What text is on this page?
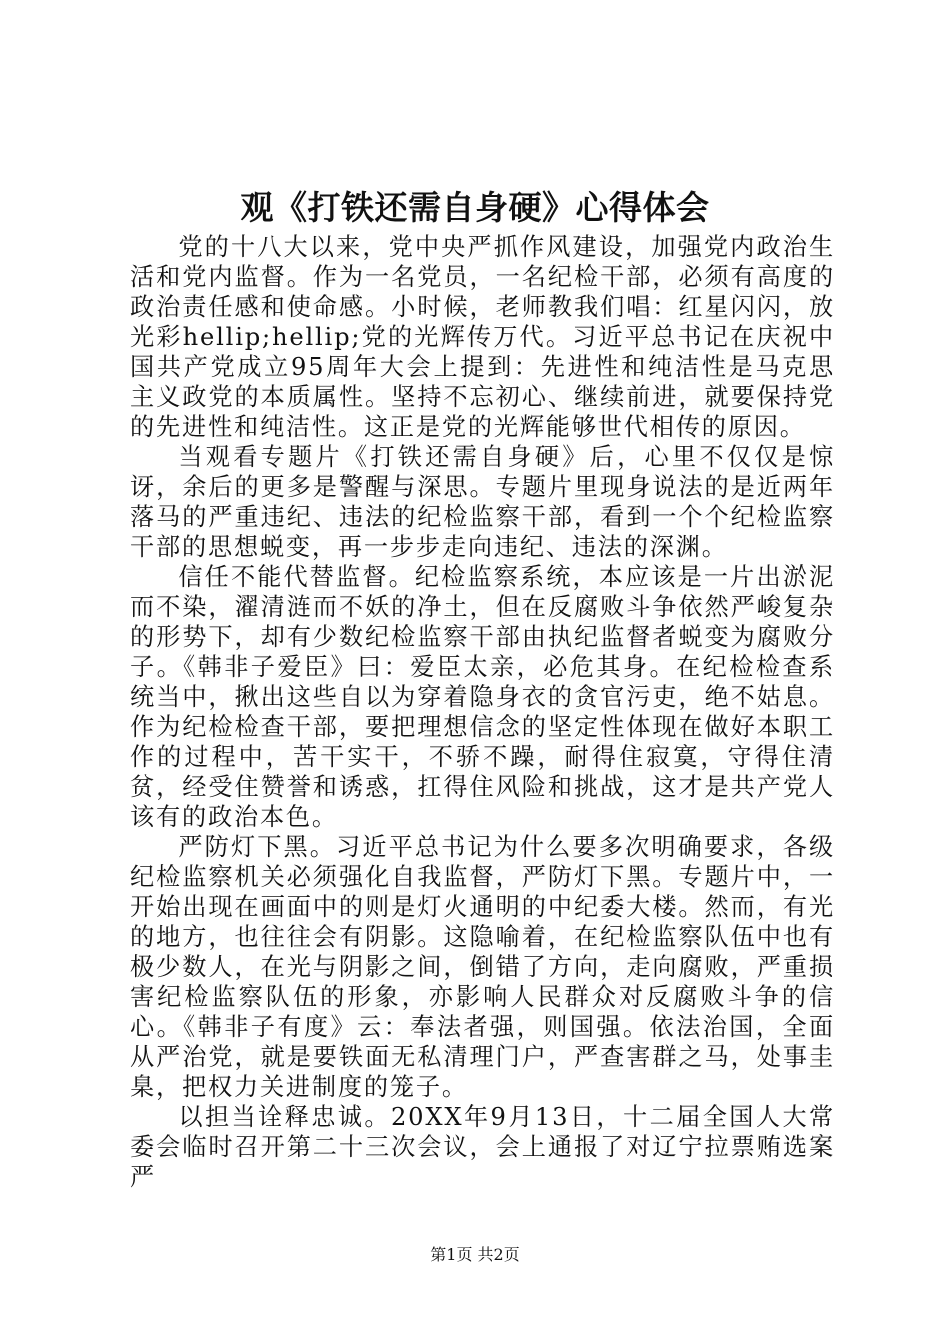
观《打铁还需自身硬》心得体会

党的十八大以来，党中央严抓作风建设，加强党内政治生活和党内监督。作为一名党员，一名纪检干部，必须有高度的政治责任感和使命感。小时候，老师教我们唱：红星闪闪，放光彩hellip;hellip;党的光辉传万代。习近平总书记在庆祝中国共产党成立95周年大会上提到：先进性和纯洁性是马克思主义政党的本质属性。坚持不忘初心、继续前进，就要保持党的先进性和纯洁性。这正是党的光辉能够世代相传的原因。

当观看专题片《打铁还需自身硬》后，心里不仅仅是惊讶，余后的更多是警醒与深思。专题片里现身说法的是近两年落马的严重违纪、违法的纪检监察干部，看到一个个纪检监察干部的思想蜕变，再一步步走向违纪、违法的深渊。

信任不能代替监督。纪检监察系统，本应该是一片出淤泥而不染，濯清涟而不妖的净土，但在反腐败斗争依然严峻复杂的形势下，却有少数纪检监察干部由执纪监督者蜕变为腐败分子。《韩非子爱臣》曰：爱臣太亲，必危其身。在纪检检查系统当中，揪出这些自以为穿着隐身衣的贪官污吏，绝不姑息。作为纪检检查干部，要把理想信念的坚定性体现在做好本职工作的过程中，苦干实干，不骄不躁，耐得住寂寞，守得住清贫，经受住赞誉和诱惑，扛得住风险和挑战，这才是共产党人该有的政治本色。

严防灯下黑。习近平总书记为什么要多次明确要求，各级纪检监察机关必须强化自我监督，严防灯下黑。专题片中，一开始出现在画面中的则是灯火通明的中纪委大楼。然而，有光的地方，也往往会有阴影。这隐喻着，在纪检监察队伍中也有极少数人，在光与阴影之间，倒错了方向，走向腐败，严重损害纪检监察队伍的形象，亦影响人民群众对反腐败斗争的信心。《韩非子有度》云：奉法者强，则国强。依法治国，全面从严治党，就是要铁面无私清理门户，严查害群之马，处事圭臬，把权力关进制度的笼子。

以担当诠释忠诚。20XX年9月13日，十二届全国人大常委会临时召开第二十三次会议，会上通报了对辽宁拉票贿选案严

第1页 共2页
